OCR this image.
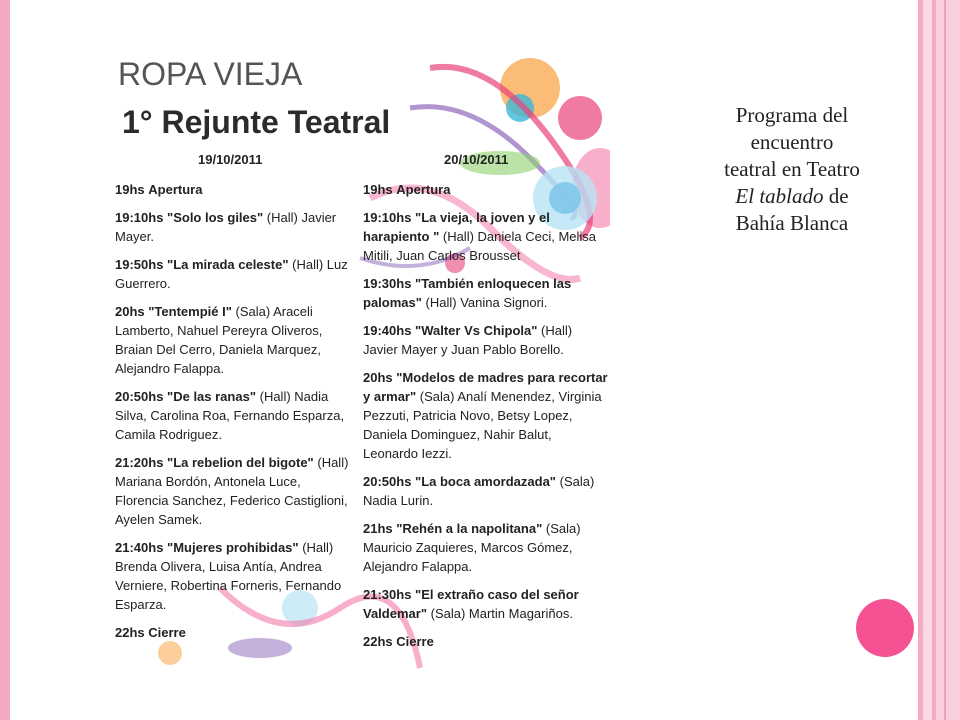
ROPA VIEJA
1° Rejunte Teatral
19/10/2011	20/10/2011
19hs Apertura
19:10hs "Solo los giles" (Hall) Javier Mayer.
19:50hs "La mirada celeste" (Hall) Luz Guerrero.
20hs "Tentempié I" (Sala) Araceli Lamberto, Nahuel Pereyra Oliveros, Braian Del Cerro, Daniela Marquez, Alejandro Falappa.
20:50hs "De las ranas" (Hall) Nadia Silva, Carolina Roa, Fernando Esparza, Camila Rodriguez.
21:20hs "La rebelion del bigote" (Hall) Mariana Bordón, Antonela Luce, Florencia Sanchez, Federico Castiglioni, Ayelen Samek.
21:40hs "Mujeres prohibidas" (Hall) Brenda Olivera, Luisa Antía, Andrea Verniere, Robertina Forneris, Fernando Esparza.
22hs Cierre
19hs Apertura
19:10hs "La vieja, la joven y el harapiento " (Hall) Daniela Ceci, Melisa Mitili, Juan Carlos Brousset
19:30hs "También enloquecen las palomas" (Hall) Vanina Signori.
19:40hs "Walter Vs Chipola" (Hall) Javier Mayer y Juan Pablo Borello.
20hs "Modelos de madres para recortar y armar" (Sala) Analí Menendez, Virginia Pezzuti, Patricia Novo, Betsy Lopez, Daniela Dominguez, Nahir Balut, Leonardo Iezzi.
20:50hs "La boca amordazada" (Sala) Nadia Lurin.
21hs "Rehén a la napolitana" (Sala) Mauricio Zaquieres, Marcos Gómez, Alejandro Falappa.
21:30hs "El extraño caso del señor Valdemar" (Sala) Martin Magariños.
22hs Cierre
Programa del encuentro teatral en Teatro El tablado de Bahía Blanca
